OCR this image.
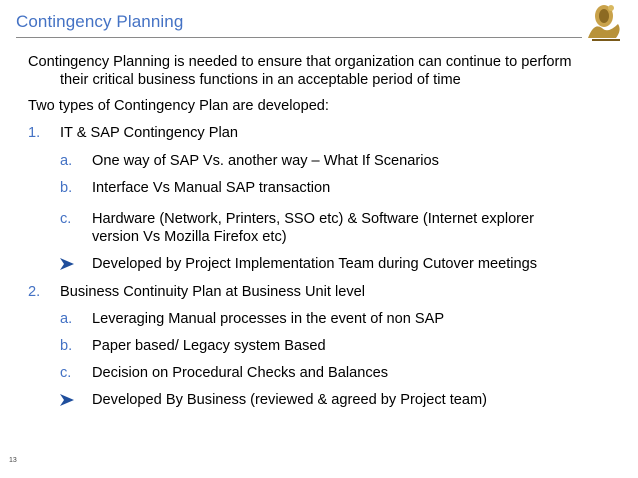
Contingency Planning
Contingency Planning is needed to ensure that organization can continue to perform
their critical business functions in an acceptable period of time
Two types of Contingency Plan are developed:
1. IT & SAP Contingency Plan
a. One way of SAP Vs. another way – What If Scenarios
b. Interface Vs Manual SAP transaction
c. Hardware (Network, Printers, SSO etc) & Software (Internet explorer
version Vs Mozilla Firefox etc)
Developed by Project Implementation Team during Cutover meetings
2. Business Continuity Plan at Business Unit level
a. Leveraging Manual processes in the event of non SAP
b. Paper based/ Legacy system Based
c. Decision on Procedural Checks and Balances
Developed By Business (reviewed & agreed by Project team)
13
